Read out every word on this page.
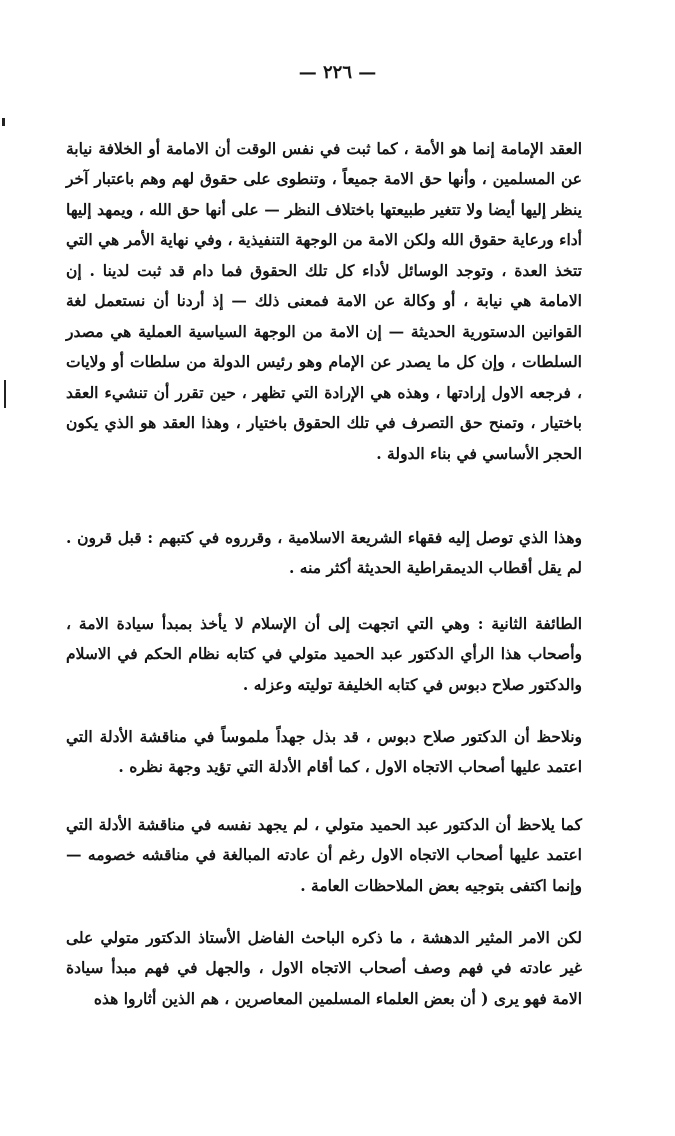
— ٢٢٦ —

العقد الإمامة إنما هو الأمة ، كما ثبت في نفس الوقت أن الامامة أو الخلافة نيابة عن المسلمين ، وأنها حق الامة جميعاً ، وتنطوى على حقوق لهم وهم باعتبار آخر ينظر إليها أيضا ولا تتغير طبيعتها باختلاف النظر — على أنها حق الله ، ويمهد إليها أداء ورعاية حقوق الله ولكن الامة من الوجهة التنفيذية ، وفي نهاية الأمر هي التي تتخذ العدة ، وتوجد الوسائل لأداء كل تلك الحقوق فما دام قد ثبت لدينا . إن الامامة هي نيابة ، أو وكالة عن الامة فمعنى ذلك — إذ أردنا أن نستعمل لغة القوانين الدستورية الحديثة — إن الامة من الوجهة السياسية العملية هي مصدر السلطات ، وإن كل ما يصدر عن الإمام وهو رئيس الدولة من سلطات أو ولايات ، فرجعه الاول إرادتها ، وهذه هي الإرادة التي تظهر ، حين تقرر أن تنشيء العقد باختيار ، وتمنح حق التصرف في تلك الحقوق باختيار ، وهذا العقد هو الذي يكون الحجر الأساسي في بناء الدولة .

وهذا الذي توصل إليه فقهاء الشريعة الاسلامية ، وقرروه في كتبهم : قبل قرون . لم يقل أقطاب الديمقراطية الحديثة أكثر منه .

الطائفة الثانية : وهي التي اتجهت إلى أن الإسلام لا يأخذ بمبدأ سيادة الامة ، وأصحاب هذا الرأي الدكتور عبد الحميد متولي في كتابه نظام الحكم في الاسلام والدكتور صلاح دبوس في كتابه الخليفة توليته وعزله .

ونلاحظ أن الدكتور صلاح دبوس ، قد بذل جهداً ملموساً في مناقشة الأدلة التي اعتمد عليها أصحاب الاتجاه الاول ، كما أقام الأدلة التي تؤيد وجهة نظره .

كما يلاحظ أن الدكتور عبد الحميد متولي ، لم يجهد نفسه في مناقشة الأدلة التي اعتمد عليها أصحاب الاتجاه الاول رغم أن عادته المبالغة في مناقشه خصومه — وإنما اكتفى بتوجيه بعض الملاحظات العامة .

لكن الامر المثير الدهشة ، ما ذكره الباحث الفاضل الأستاذ الدكتور متولي على غير عادته في فهم وصف أصحاب الاتجاه الاول ، والجهل في فهم مبدأ سيادة الامة فهو يرى ( أن بعض العلماء المسلمين المعاصرين ، هم الذين أثاروا هذه
